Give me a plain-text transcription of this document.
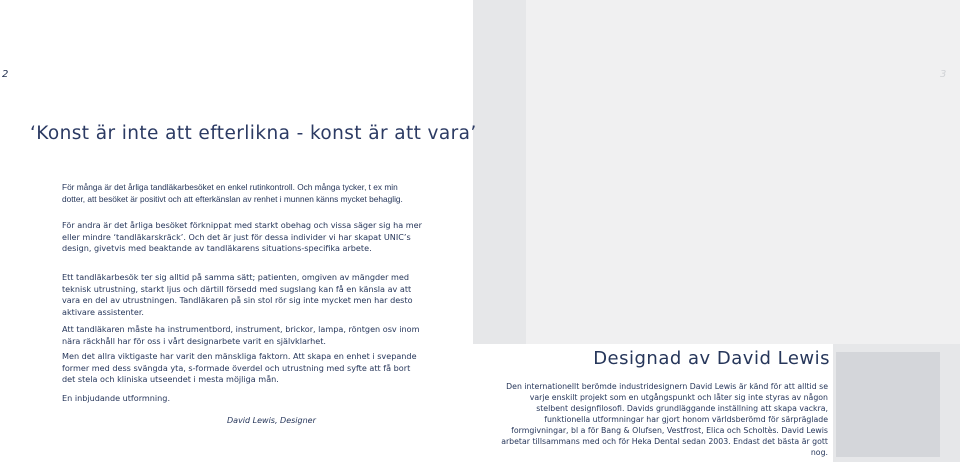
2	3
‘Konst är inte att efterlikna - konst är att vara’

För många är det årliga tandläkarbesöket en enkel rutinkontroll. Och många tycker, t ex min dotter, att besöket är positivt och att efterkänslan av renhet i munnen känns mycket behaglig.

För andra är det årliga besöket förknippat med starkt obehag och vissa säger sig ha mer eller mindre ‘tandläkarskräck’. Och det är just för dessa individer vi har skapat UNIC’s design, givetvis med beaktande av tandläkarens situations-specifika arbete.

Ett tandläkarbesök ter sig alltid på samma sätt; patienten, omgiven av mängder med teknisk utrustning, starkt ljus och därtill försedd med sugslang kan få en känsla av att vara en del av utrustningen. Tandläkaren på sin stol rör sig inte mycket men har desto aktivare assistenter.

Att tandläkaren måste ha instrumentbord, instrument, brickor, lampa, röntgen osv inom nära räckhåll har för oss i vårt designarbete varit en självklarhet.

Men det allra viktigaste har varit den mänskliga faktorn. Att skapa en enhet i svepande former med dess svängda yta, s-formade överdel och utrustning med syfte att få bort det stela och kliniska utseendet i mesta möjliga mån.

En inbjudande utformning.

David Lewis, Designer
Designad av David Lewis

Den internationellt berömde industridesignern David Lewis är känd för att alltid se varje enskilt projekt som en utgångspunkt och låter sig inte styras av någon stelbent designfilosofi. Davids grundläggande inställning att skapa vackra, funktionella utformningar har gjort honom världsberömd för särpräglade formgivningar, bl a för Bang & Olufsen, Vestfrost, Elica och Scholtès. David Lewis arbetar tillsammans med och för Heka Dental sedan 2003. Endast det bästa är gott nog.
